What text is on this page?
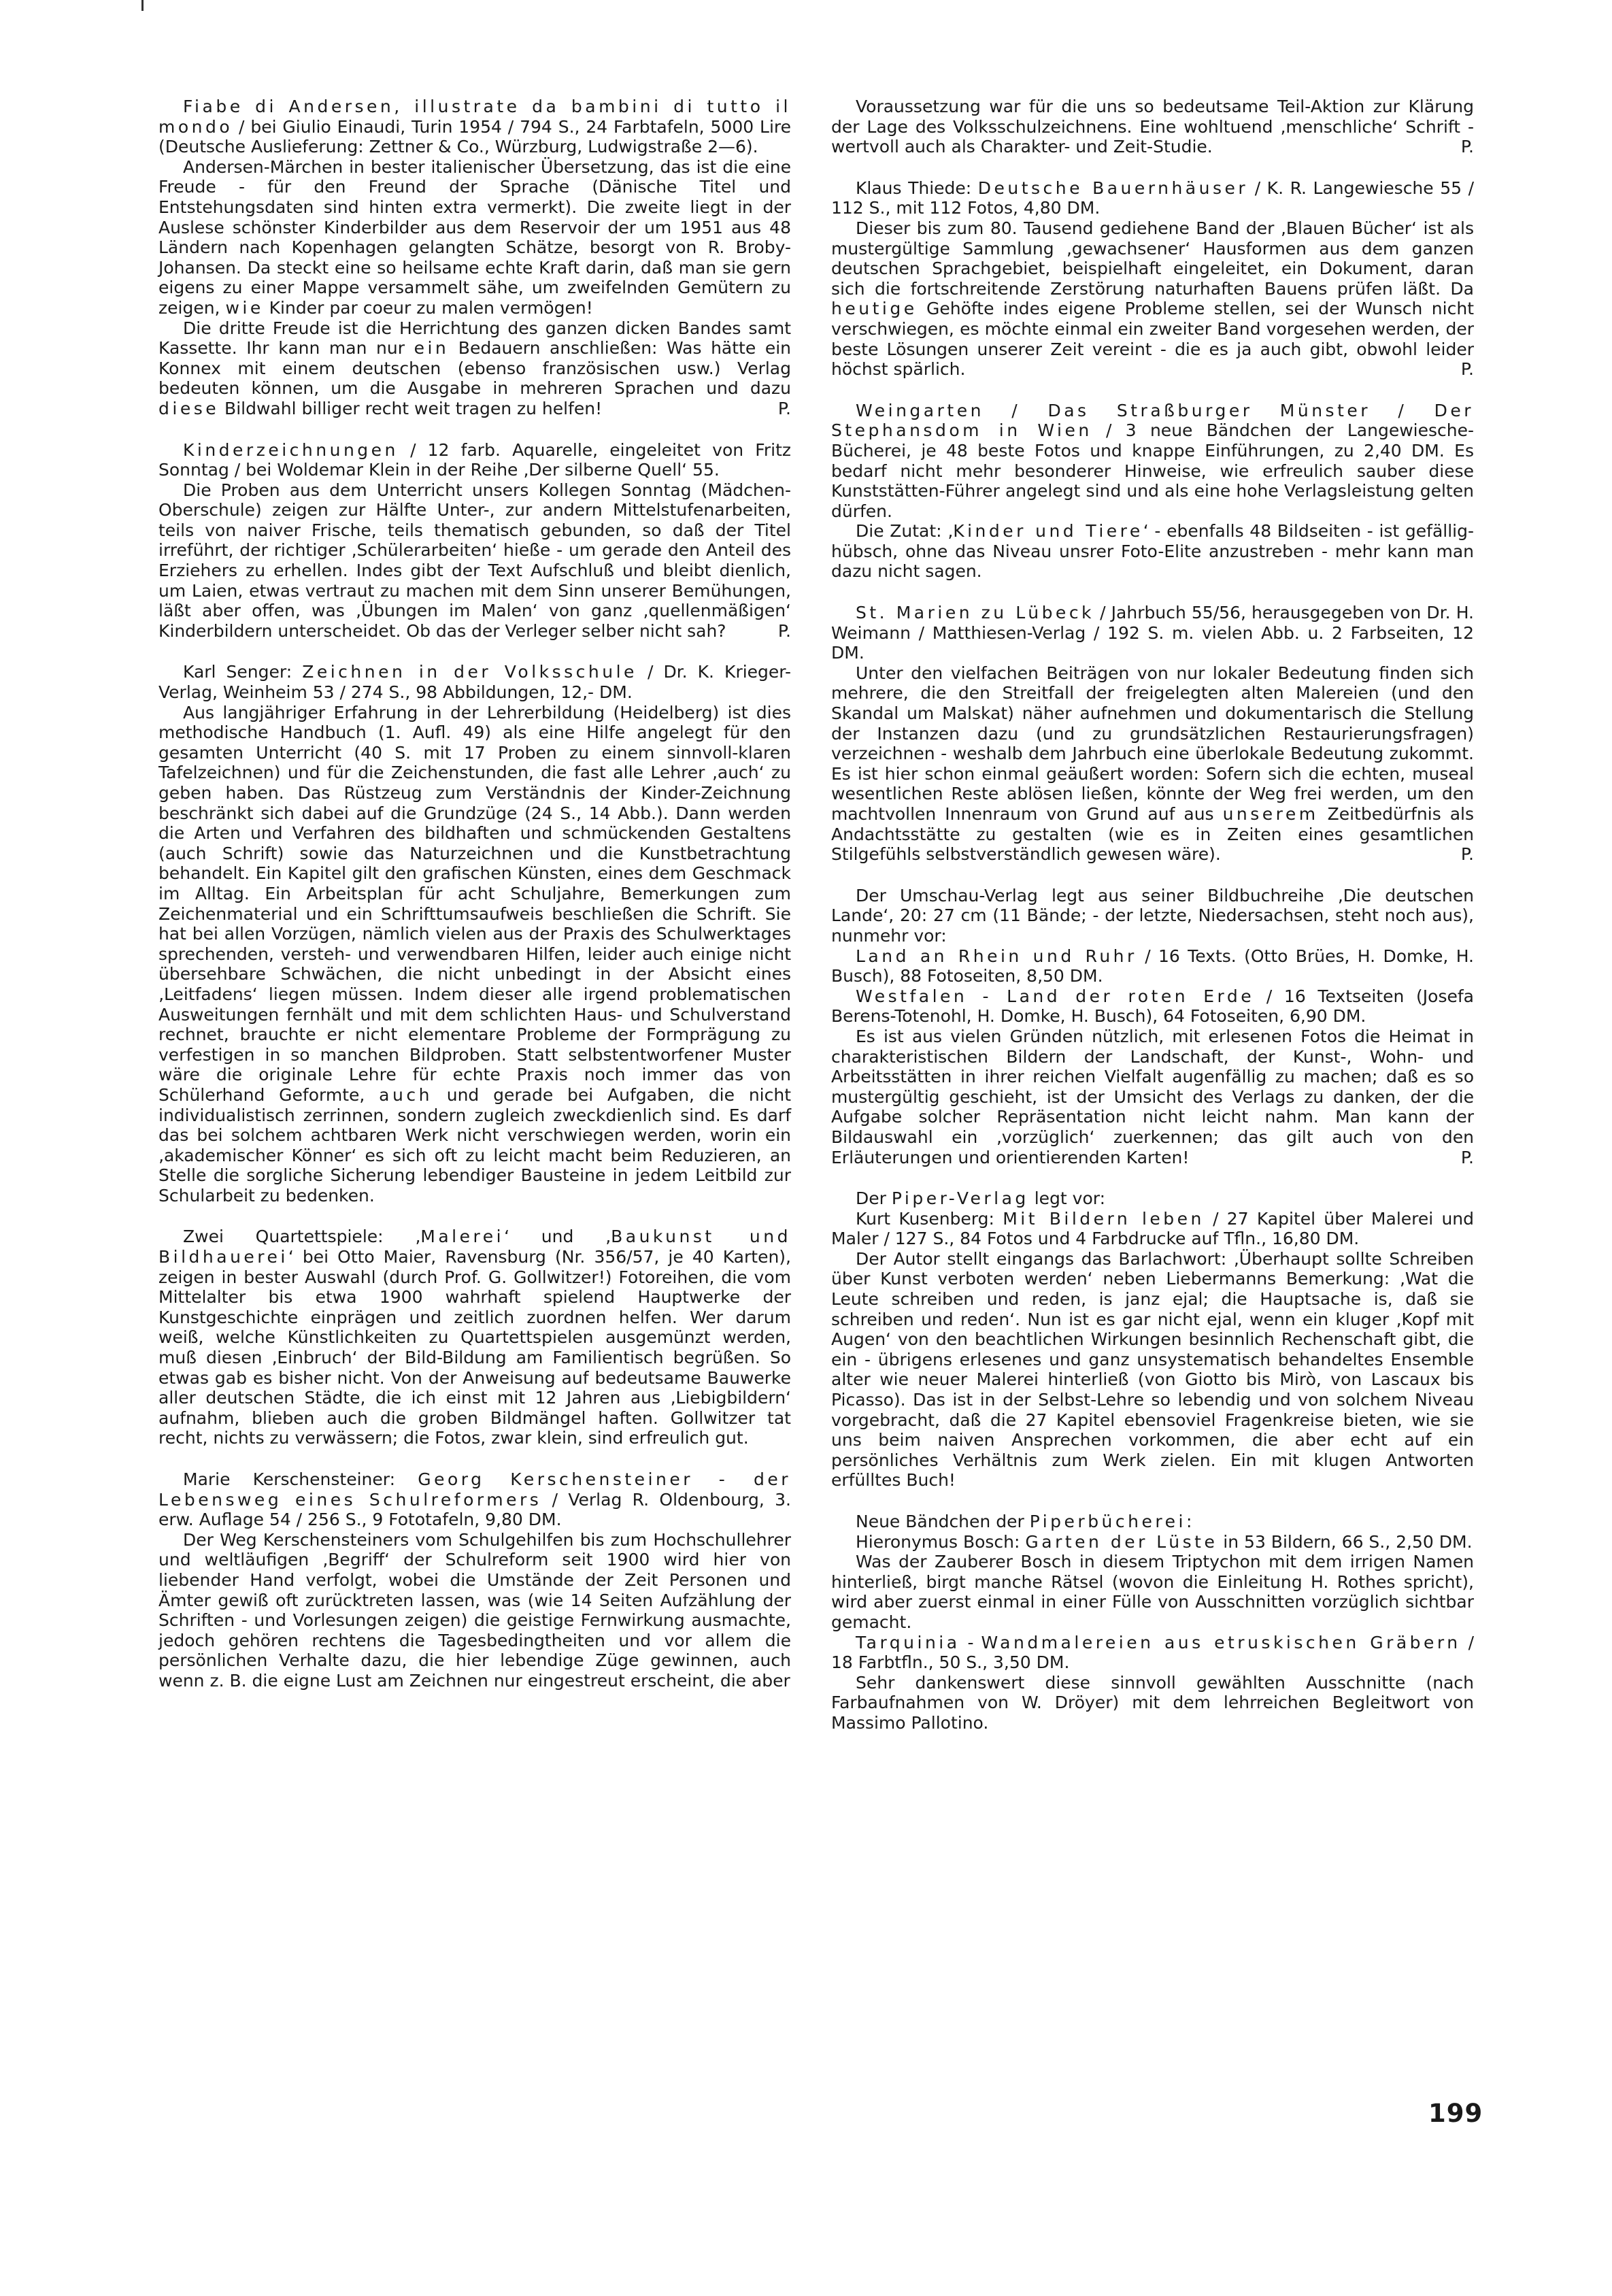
Fiabe di Andersen, illustrate da bambini di tutto il mondo / bei Giulio Einaudi, Turin 1954 / 794 S., 24 Farbtafeln, 5000 Lire (Deutsche Auslieferung: Zettner & Co., Würzburg, Ludwigstraße 2—6).

Andersen-Märchen in bester italienischer Übersetzung, das ist die eine Freude - für den Freund der Sprache (Dänische Titel und Entstehungsdaten sind hinten extra vermerkt). Die zweite liegt in der Auslese schönster Kinderbilder aus dem Reservoir der um 1951 aus 48 Ländern nach Kopenhagen gelangten Schätze, besorgt von R. Broby-Johansen. Da steckt eine so heilsame echte Kraft darin, daß man sie gern eigens zu einer Mappe versammelt sähe, um zweifelnden Gemütern zu zeigen, wie Kinder par coeur zu malen vermögen!

Die dritte Freude ist die Herrichtung des ganzen dicken Bandes samt Kassette. Ihr kann man nur ein Bedauern anschließen: Was hätte ein Konnex mit einem deutschen (ebenso französischen usw.) Verlag bedeuten können, um die Ausgabe in mehreren Sprachen und dazu diese Bildwahl billiger recht weit tragen zu helfen!	P.

Kinderzeichnungen / 12 farb. Aquarelle, eingeleitet von Fritz Sonntag / bei Woldemar Klein in der Reihe ‚Der silberne Quell‘ 55.

Die Proben aus dem Unterricht unsers Kollegen Sonntag (Mädchen-Oberschule) zeigen zur Hälfte Unter-, zur andern Mittelstufenarbeiten, teils von naiver Frische, teils thematisch gebunden, so daß der Titel irreführt, der richtiger ‚Schülerarbeiten‘ hieße - um gerade den Anteil des Erziehers zu erhellen. Indes gibt der Text Aufschluß und bleibt dienlich, um Laien, etwas vertraut zu machen mit dem Sinn unserer Bemühungen, läßt aber offen, was ‚Übungen im Malen‘ von ganz ‚quellenmäßigen‘ Kinderbildern unterscheidet. Ob das der Verleger selber nicht sah?	P.

Karl Senger: Zeichnen in der Volksschule / Dr. K. Krieger-Verlag, Weinheim 53 / 274 S., 98 Abbildungen, 12,- DM.

Aus langjähriger Erfahrung in der Lehrerbildung (Heidelberg) ist dies methodische Handbuch (1. Aufl. 49) als eine Hilfe angelegt für den gesamten Unterricht (40 S. mit 17 Proben zu einem sinnvoll-klaren Tafelzeichnen) und für die Zeichenstunden, die fast alle Lehrer ‚auch‘ zu geben haben. Das Rüstzeug zum Verständnis der Kinder-Zeichnung beschränkt sich dabei auf die Grundzüge (24 S., 14 Abb.). Dann werden die Arten und Verfahren des bildhaften und schmückenden Gestaltens (auch Schrift) sowie das Naturzeichnen und die Kunstbetrachtung behandelt. Ein Kapitel gilt den grafischen Künsten, eines dem Geschmack im Alltag. Ein Arbeitsplan für acht Schuljahre, Bemerkungen zum Zeichenmaterial und ein Schrifttumsaufweis beschließen die Schrift. Sie hat bei allen Vorzügen, nämlich vielen aus der Praxis des Schulwerktages sprechenden, versteh- und verwendbaren Hilfen, leider auch einige nicht übersehbare Schwächen, die nicht unbedingt in der Absicht eines ‚Leitfadens‘ liegen müssen. Indem dieser alle irgend problematischen Ausweitungen fernhält und mit dem schlichten Haus- und Schulverstand rechnet, brauchte er nicht elementare Probleme der Formprägung zu verfestigen in so manchen Bildproben. Statt selbstentworfener Muster wäre die originale Lehre für echte Praxis noch immer das von Schülerhand Geformte, auch und gerade bei Aufgaben, die nicht individualistisch zerrinnen, sondern zugleich zweckdienlich sind. Es darf das bei solchem achtbaren Werk nicht verschwiegen werden, worin ein ‚akademischer Könner‘ es sich oft zu leicht macht beim Reduzieren, an Stelle die sorgliche Sicherung lebendiger Bausteine in jedem Leitbild zur Schularbeit zu bedenken.

Zwei Quartettspiele: ‚Malerei‘ und ‚Baukunst und Bildhauerei‘ bei Otto Maier, Ravensburg (Nr. 356/57, je 40 Karten), zeigen in bester Auswahl (durch Prof. G. Gollwitzer!) Fotoreihen, die vom Mittelalter bis etwa 1900 wahrhaft spielend Hauptwerke der Kunstgeschichte einprägen und zeitlich zuordnen helfen. Wer darum weiß, welche Künstlichkeiten zu Quartettspielen ausgemünzt werden, muß diesen ‚Einbruch‘ der Bild-Bildung am Familientisch begrüßen. So etwas gab es bisher nicht. Von der Anweisung auf bedeutsame Bauwerke aller deutschen Städte, die ich einst mit 12 Jahren aus ‚Liebigbildern‘ aufnahm, blieben auch die groben Bildmängel haften. Gollwitzer tat recht, nichts zu verwässern; die Fotos, zwar klein, sind erfreulich gut.

Marie Kerschensteiner: Georg Kerschensteiner - der Lebensweg eines Schulreformers / Verlag R. Oldenbourg, 3. erw. Auflage 54 / 256 S., 9 Fototafeln, 9,80 DM.

Der Weg Kerschensteiners vom Schulgehilfen bis zum Hochschullehrer und weltläufigen ‚Begriff‘ der Schulreform seit 1900 wird hier von liebender Hand verfolgt, wobei die Umstände der Zeit Personen und Ämter gewiß oft zurücktreten lassen, was (wie 14 Seiten Aufzählung der Schriften - und Vorlesungen zeigen) die geistige Fernwirkung ausmachte, jedoch gehören rechtens die Tagesbedingtheiten und vor allem die persönlichen Verhalte dazu, die hier lebendige Züge gewinnen, auch wenn z. B. die eigne Lust am Zeichnen nur eingestreut erscheint, die aber

Voraussetzung war für die uns so bedeutsame Teil-Aktion zur Klärung der Lage des Volksschulzeichnens. Eine wohltuend ‚menschliche‘ Schrift - wertvoll auch als Charakter- und Zeit-Studie.	P.

Klaus Thiede: Deutsche Bauernhäuser / K. R. Langewiesche 55 / 112 S., mit 112 Fotos, 4,80 DM.

Dieser bis zum 80. Tausend gediehene Band der ‚Blauen Bücher‘ ist als mustergültige Sammlung ‚gewachsener‘ Hausformen aus dem ganzen deutschen Sprachgebiet, beispielhaft eingeleitet, ein Dokument, daran sich die fortschreitende Zerstörung naturhaften Bauens prüfen läßt. Da heutige Gehöfte indes eigene Probleme stellen, sei der Wunsch nicht verschwiegen, es möchte einmal ein zweiter Band vorgesehen werden, der beste Lösungen unserer Zeit vereint - die es ja auch gibt, obwohl leider höchst spärlich.	P.

Weingarten / Das Straßburger Münster / Der Stephansdom in Wien / 3 neue Bändchen der Langewiesche-Bücherei, je 48 beste Fotos und knappe Einführungen, zu 2,40 DM. Es bedarf nicht mehr besonderer Hinweise, wie erfreulich sauber diese Kunststätten-Führer angelegt sind und als eine hohe Verlagsleistung gelten dürfen.

Die Zutat: ‚Kinder und Tiere‘ - ebenfalls 48 Bildseiten - ist gefällig-hübsch, ohne das Niveau unsrer Foto-Elite anzustreben - mehr kann man dazu nicht sagen.

St. Marien zu Lübeck / Jahrbuch 55/56, herausgegeben von Dr. H. Weimann / Matthiesen-Verlag / 192 S. m. vielen Abb. u. 2 Farbseiten, 12 DM.

Unter den vielfachen Beiträgen von nur lokaler Bedeutung finden sich mehrere, die den Streitfall der freigelegten alten Malereien (und den Skandal um Malskat) näher aufnehmen und dokumentarisch die Stellung der Instanzen dazu (und zu grundsätzlichen Restaurierungsfragen) verzeichnen - weshalb dem Jahrbuch eine überlokale Bedeutung zukommt. Es ist hier schon einmal geäußert worden: Sofern sich die echten, museal wesentlichen Reste ablösen ließen, könnte der Weg frei werden, um den machtvollen Innenraum von Grund auf aus unserem Zeitbedürfnis als Andachtsstätte zu gestalten (wie es in Zeiten eines gesamtlichen Stilgefühls selbstverständlich gewesen wäre).	P.

Der Umschau-Verlag legt aus seiner Bildbuchreihe ‚Die deutschen Lande‘, 20: 27 cm (11 Bände; - der letzte, Niedersachsen, steht noch aus), nunmehr vor:

Land an Rhein und Ruhr / 16 Texts. (Otto Brües, H. Domke, H. Busch), 88 Fotoseiten, 8,50 DM.

Westfalen - Land der roten Erde / 16 Textseiten (Josefa Berens-Totenohl, H. Domke, H. Busch), 64 Fotoseiten, 6,90 DM.

Es ist aus vielen Gründen nützlich, mit erlesenen Fotos die Heimat in charakteristischen Bildern der Landschaft, der Kunst-, Wohn- und Arbeitsstätten in ihrer reichen Vielfalt augenfällig zu machen; daß es so mustergültig geschieht, ist der Umsicht des Verlags zu danken, der die Aufgabe solcher Repräsentation nicht leicht nahm. Man kann der Bildauswahl ein ‚vorzüglich‘ zuerkennen; das gilt auch von den Erläuterungen und orientierenden Karten!	P.

Der Piper-Verlag legt vor:

Kurt Kusenberg: Mit Bildern leben / 27 Kapitel über Malerei und Maler / 127 S., 84 Fotos und 4 Farbdrucke auf Tfln., 16,80 DM.

Der Autor stellt eingangs das Barlachwort: ‚Überhaupt sollte Schreiben über Kunst verboten werden‘ neben Liebermanns Bemerkung: ‚Wat die Leute schreiben und reden, is janz ejal; die Hauptsache is, daß sie schreiben und reden‘. Nun ist es gar nicht ejal, wenn ein kluger ‚Kopf mit Augen‘ von den beachtlichen Wirkungen besinnlich Rechenschaft gibt, die ein - übrigens erlesenes und ganz unsystematisch behandeltes Ensemble alter wie neuer Malerei hinterließ (von Giotto bis Mirò, von Lascaux bis Picasso). Das ist in der Selbst-Lehre so lebendig und von solchem Niveau vorgebracht, daß die 27 Kapitel ebensoviel Fragenkreise bieten, wie sie uns beim naiven Ansprechen vorkommen, die aber echt auf ein persönliches Verhältnis zum Werk zielen. Ein mit klugen Antworten erfülltes Buch!

Neue Bändchen der Piperbücherei:

Hieronymus Bosch: Garten der Lüste in 53 Bildern, 66 S., 2,50 DM.

Was der Zauberer Bosch in diesem Triptychon mit dem irrigen Namen hinterließ, birgt manche Rätsel (wovon die Einleitung H. Rothes spricht), wird aber zuerst einmal in einer Fülle von Ausschnitten vorzüglich sichtbar gemacht.

Tarquinia - Wandmalereien aus etruskischen Gräbern / 18 Farbtfln., 50 S., 3,50 DM.

Sehr dankenswert diese sinnvoll gewählten Ausschnitte (nach Farbaufnahmen von W. Dröyer) mit dem lehrreichen Begleitwort von Massimo Pallotino.

199
